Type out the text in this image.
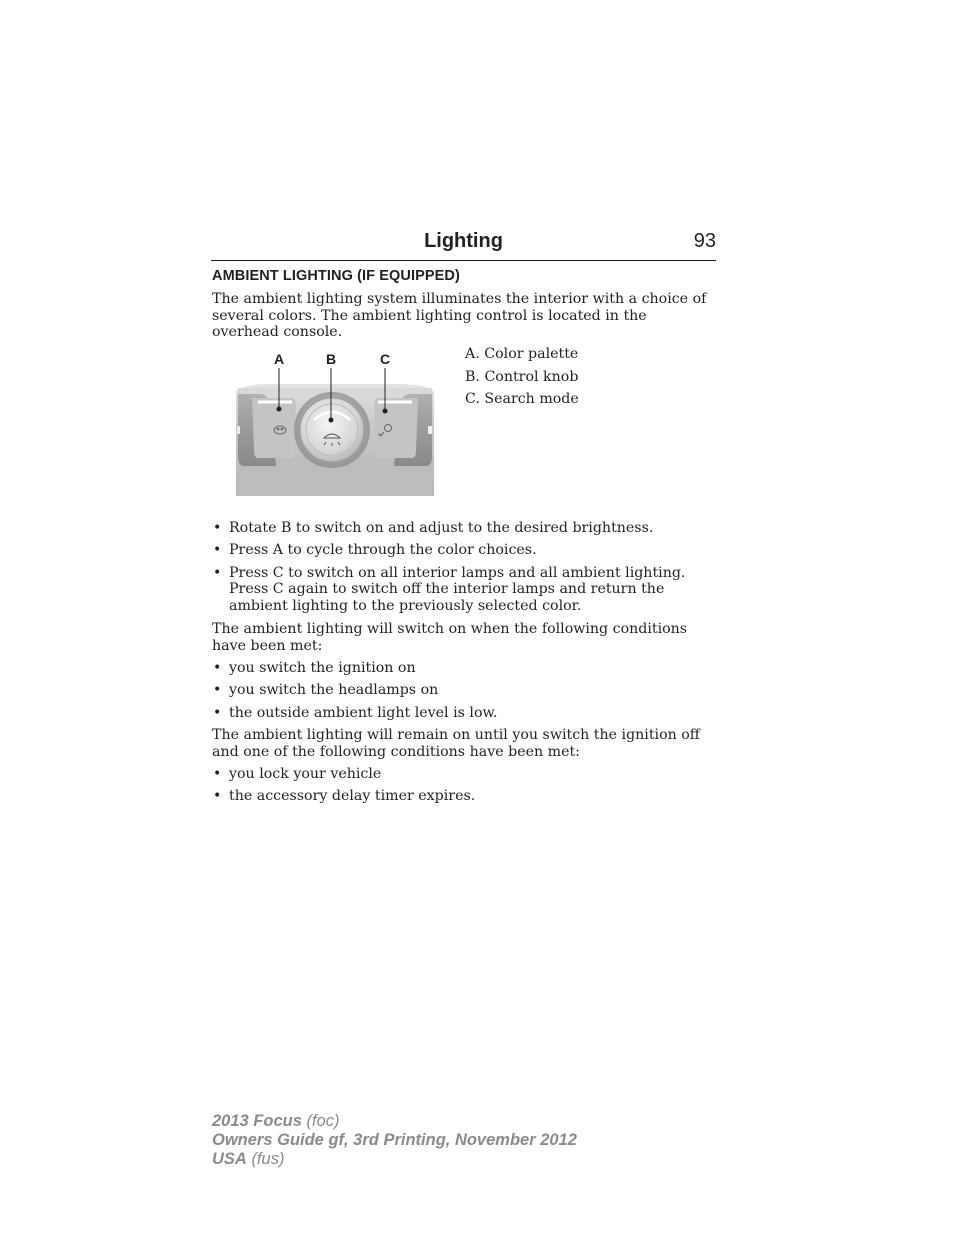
Lighting	93
AMBIENT LIGHTING (IF EQUIPPED)

The ambient lighting system illuminates the interior with a choice of several colors. The ambient lighting control is located in the overhead console.

A	B	C	A. Color palette
B. Control knob
C. Search mode
• Rotate B to switch on and adjust to the desired brightness.
• Press A to cycle through the color choices.
• Press C to switch on all interior lamps and all ambient lighting. Press C again to switch off the interior lamps and return the ambient lighting to the previously selected color.

The ambient lighting will switch on when the following conditions have been met:

• you switch the ignition on
• you switch the headlamps on
• the outside ambient light level is low.

The ambient lighting will remain on until you switch the ignition off and one of the following conditions have been met:

• you lock your vehicle
• the accessory delay timer expires.
2013 Focus (foc)
Owners Guide gf, 3rd Printing, November 2012
USA (fus)
